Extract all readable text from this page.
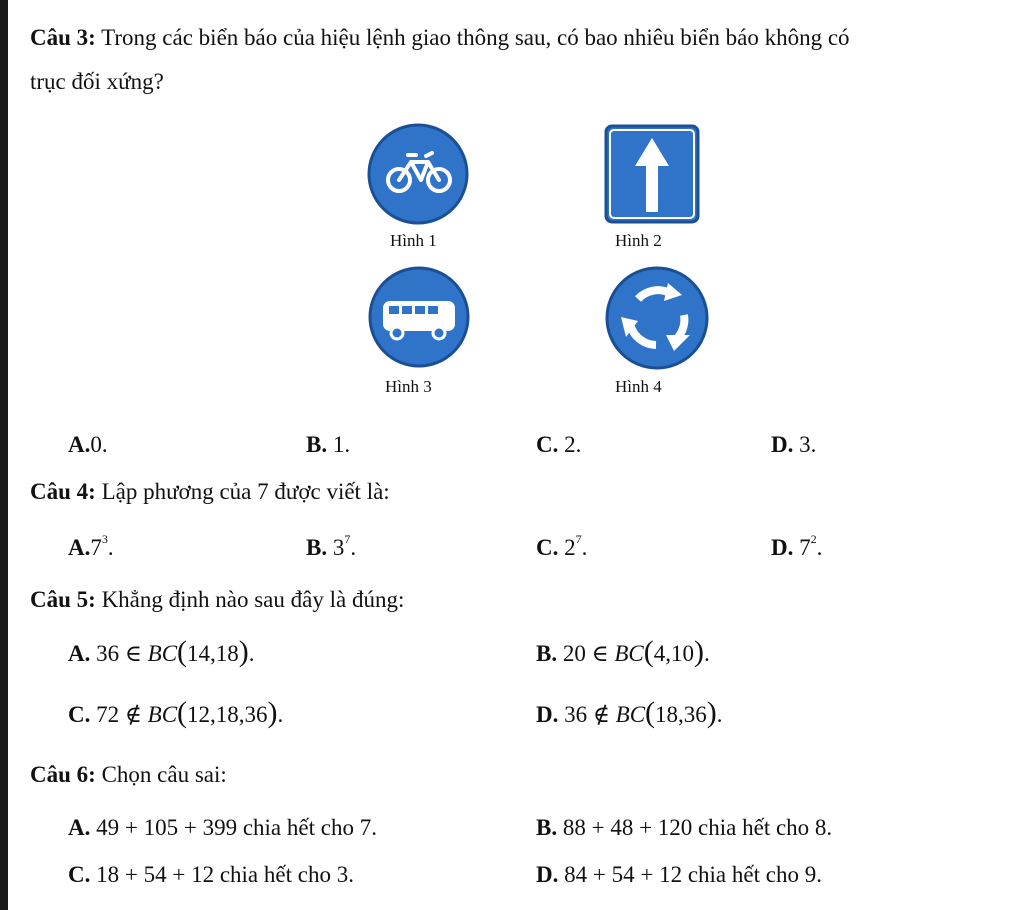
Câu 3: Trong các biển báo của hiệu lệnh giao thông sau, có bao nhiêu biển báo không có
trục đối xứng?
Hình 1	Hình 2
Hình 3	Hình 4
A.0.	B. 1.	C. 2.	D. 3.
Câu 4: Lập phương của 7 được viết là:
$A.7^3$.	B. $3^7$.	C. $2^7$.	D. $7^2$.
Câu 5: Khẳng định nào sau đây là đúng:
A. 36 ∈ BC(14,18).	B. 20 ∈ BC(4,10).
C. 72 ∉ BC(12,18,36).	D. 36 ∉ BC(18,36).
Câu 6: Chọn câu sai:
A. 49 + 105 + 399 chia hết cho 7.	B. 88 + 48 + 120 chia hết cho 8.
C. 18 + 54 + 12 chia hết cho 3.	D. 84 + 54 + 12 chia hết cho 9.
